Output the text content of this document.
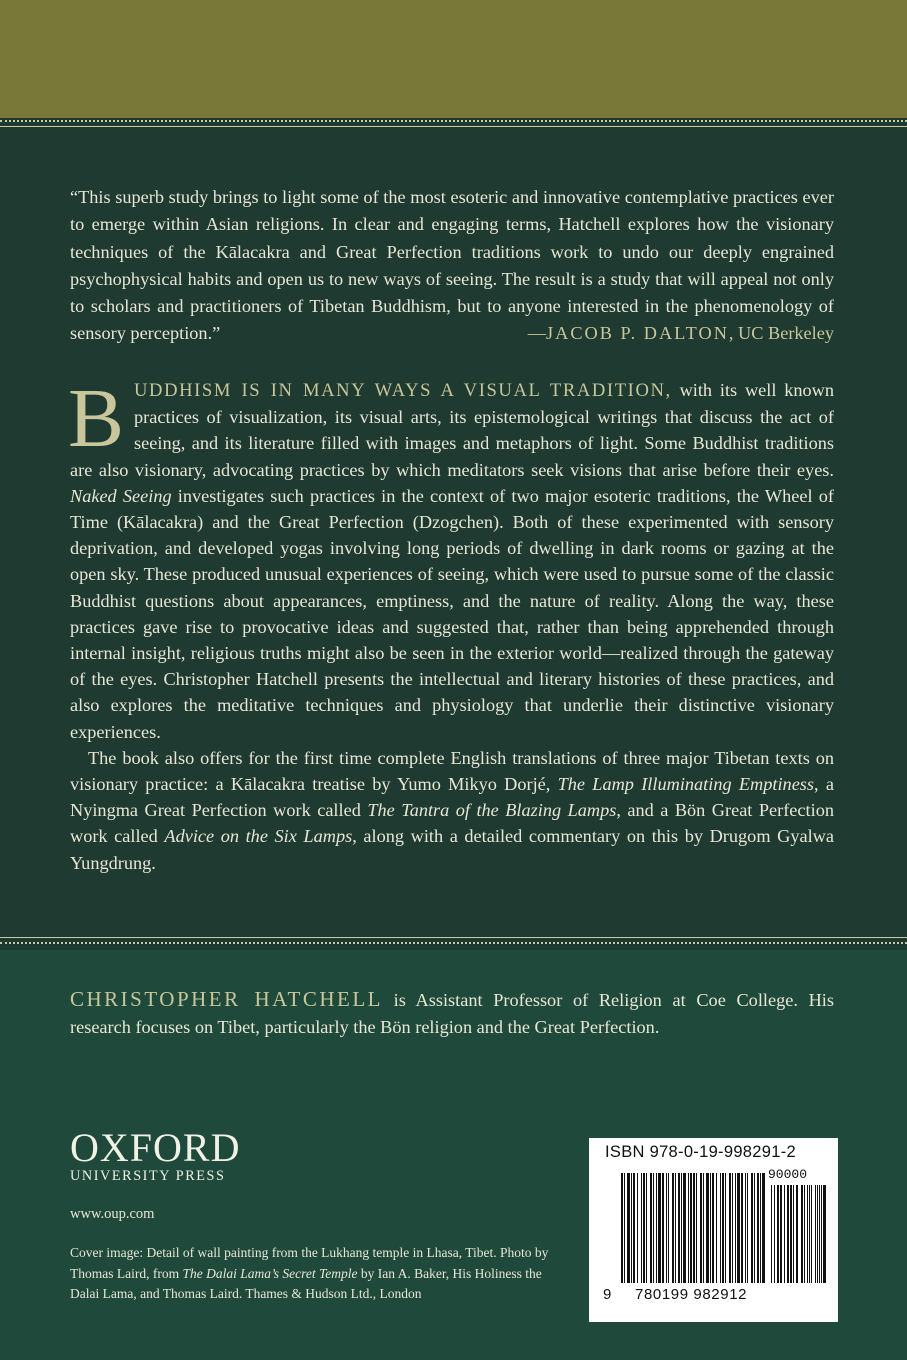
“This superb study brings to light some of the most esoteric and innovative contemplative practices ever to emerge within Asian religions. In clear and engaging terms, Hatchell explores how the visionary techniques of the Kālacakra and Great Perfection traditions work to undo our deeply engrained psychophysical habits and open us to new ways of seeing. The result is a study that will appeal not only to scholars and practitioners of Tibetan Buddhism, but to anyone interested in the phenomenology of sensory perception.”	—JACOB P. DALTON, UC Berkeley

BUDDHISM IS IN MANY WAYS A VISUAL TRADITION, with its well known practices of visualization, its visual arts, its epistemological writings that discuss the act of seeing, and its literature filled with images and metaphors of light. Some Buddhist traditions are also visionary, advocating practices by which meditators seek visions that arise before their eyes. Naked Seeing investigates such practices in the context of two major esoteric traditions, the Wheel of Time (Kālacakra) and the Great Perfection (Dzogchen). Both of these experimented with sensory deprivation, and developed yogas involving long periods of dwelling in dark rooms or gazing at the open sky. These produced unusual experiences of seeing, which were used to pursue some of the classic Buddhist questions about appearances, emptiness, and the nature of reality. Along the way, these practices gave rise to provocative ideas and suggested that, rather than being apprehended through internal insight, religious truths might also be seen in the exterior world—realized through the gateway of the eyes. Christopher Hatchell presents the intellectual and literary histories of these practices, and also explores the meditative techniques and physiology that underlie their distinctive visionary experiences.

The book also offers for the first time complete English translations of three major Tibetan texts on visionary practice: a Kālacakra treatise by Yumo Mikyo Dorjé, The Lamp Illuminating Emptiness, a Nyingma Great Perfection work called The Tantra of the Blazing Lamps, and a Bön Great Perfection work called Advice on the Six Lamps, along with a detailed commentary on this by Drugom Gyalwa Yungdrung.

CHRISTOPHER HATCHELL is Assistant Professor of Religion at Coe College. His research focuses on Tibet, particularly the Bön religion and the Great Perfection.
OXFORD
UNIVERSITY PRESS
www.oup.com
Cover image: Detail of wall painting from the Lukhang temple in Lhasa, Tibet. Photo by Thomas Laird, from The Dalai Lama’s Secret Temple by Ian A. Baker, His Holiness the Dalai Lama, and Thomas Laird. Thames & Hudson Ltd., London
ISBN 978-0-19-998291-2
90000
9 780199 982912
